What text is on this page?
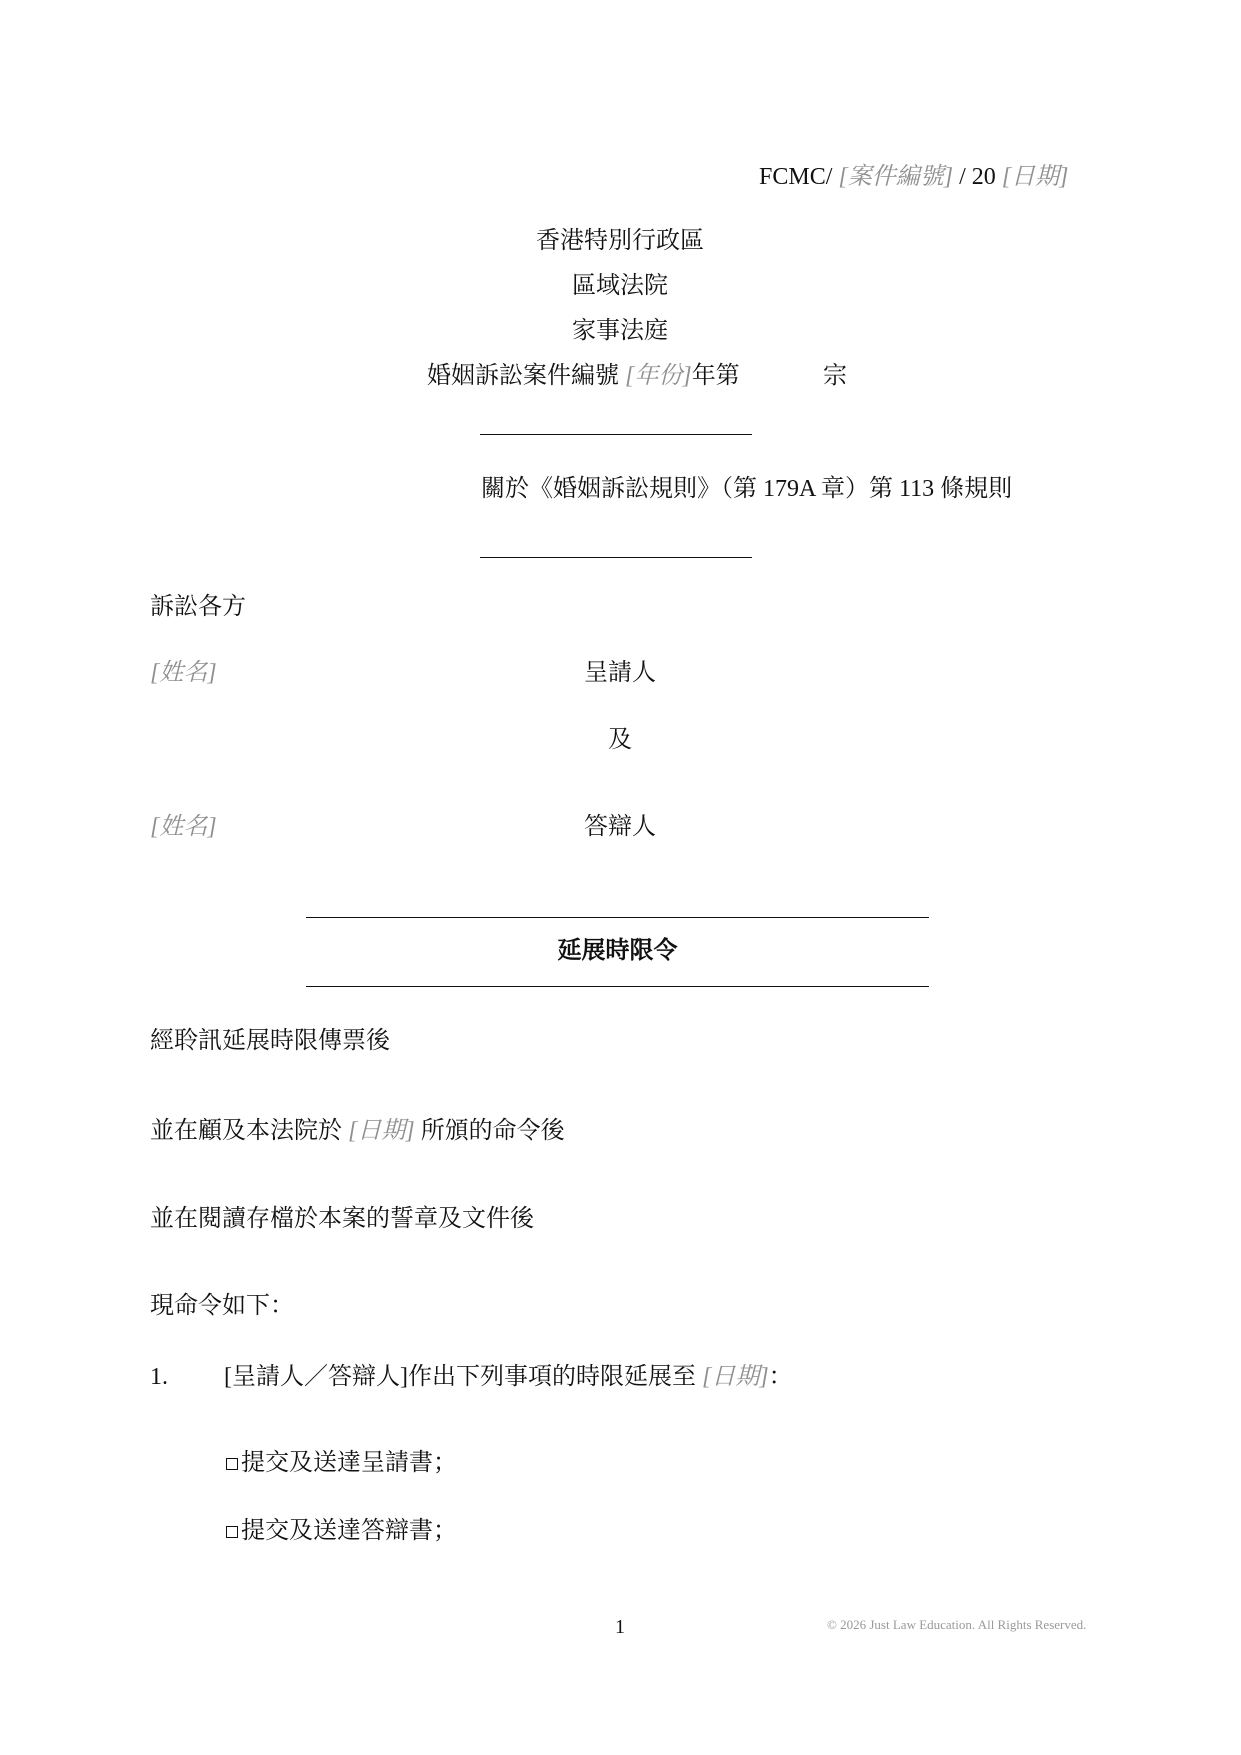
FCMC/ [案件編號] / 20 [日期]
香港特別行政區
區域法院
家事法庭
婚姻訴訟案件編號 [年份]年第	宗
關於《婚姻訴訟規則》（第 179A 章）第 113 條規則
訴訟各方
[姓名]	呈請人
及
[姓名]	答辯人
延展時限令
經聆訊延展時限傳票後
並在顧及本法院於 [日期] 所頒的命令後
並在閱讀存檔於本案的誓章及文件後
現命令如下：
1. [呈請人／答辯人]作出下列事項的時限延展至 [日期]：
提交及送達呈請書；
提交及送達答辯書；
1	© 2026 Just Law Education. All Rights Reserved.
